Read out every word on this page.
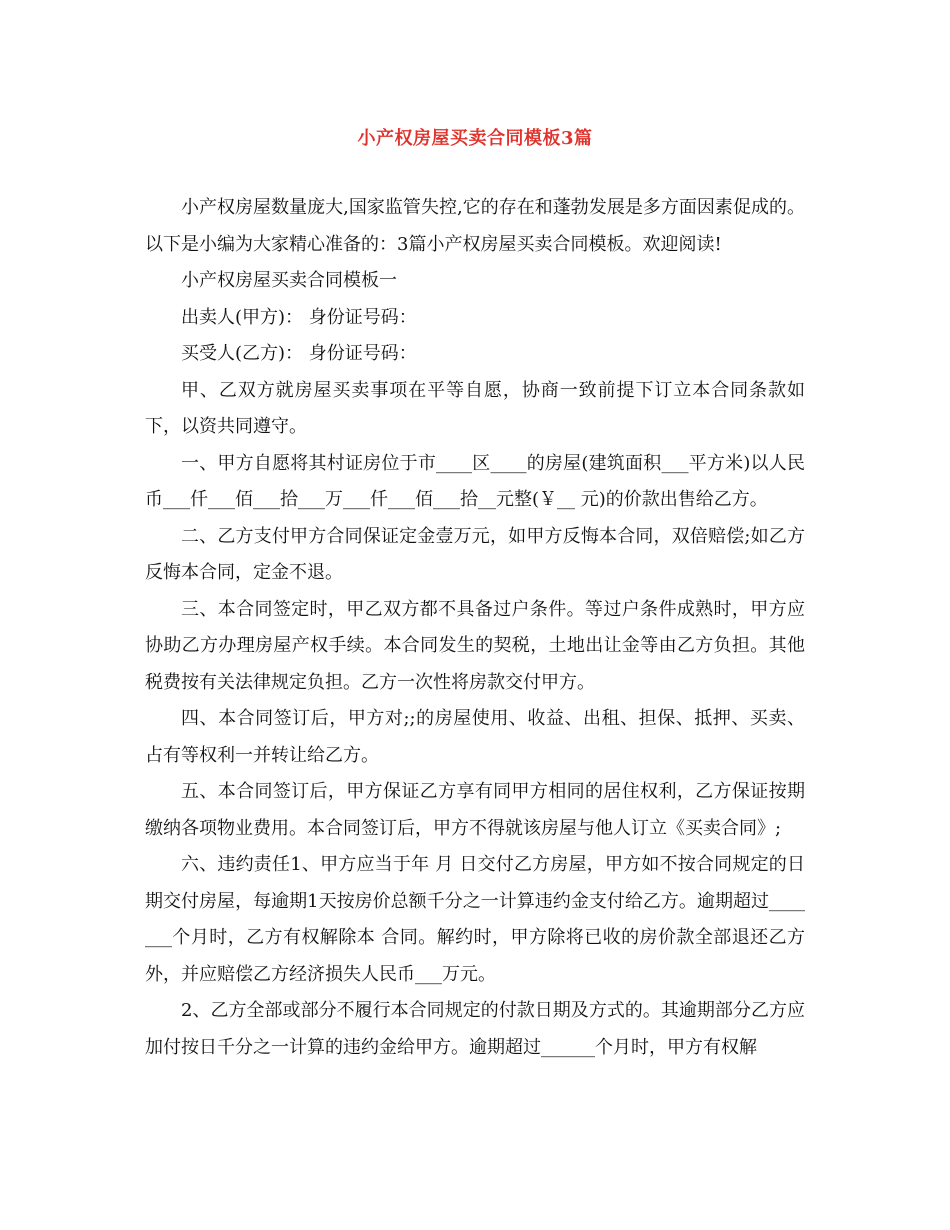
小产权房屋买卖合同模板3篇

小产权房屋数量庞大,国家监管失控,它的存在和蓬勃发展是多方面因素促成的。以下是小编为大家精心准备的：3篇小产权房屋买卖合同模板。欢迎阅读!

小产权房屋买卖合同模板一

出卖人(甲方)： 身份证号码：

买受人(乙方)： 身份证号码：

甲、乙双方就房屋买卖事项在平等自愿，协商一致前提下订立本合同条款如下，以资共同遵守。

一、甲方自愿将其村证房位于市____区____的房屋(建筑面积___平方米)以人民币___仟___佰___拾___万___仟___佰___拾__元整(￥__ 元)的价款出售给乙方。

二、乙方支付甲方合同保证定金壹万元，如甲方反悔本合同，双倍赔偿;如乙方反悔本合同，定金不退。

三、本合同签定时，甲乙双方都不具备过户条件。等过户条件成熟时，甲方应协助乙方办理房屋产权手续。本合同发生的契税，土地出让金等由乙方负担。其他税费按有关法律规定负担。乙方一次性将房款交付甲方。

四、本合同签订后，甲方对;;的房屋使用、收益、出租、担保、抵押、买卖、占有等权利一并转让给乙方。

五、本合同签订后，甲方保证乙方享有同甲方相同的居住权利，乙方保证按期缴纳各项物业费用。本合同签订后，甲方不得就该房屋与他人订立《买卖合同》;

六、违约责任1、甲方应当于年 月 日交付乙方房屋，甲方如不按合同规定的日期交付房屋，每逾期1天按房价总额千分之一计算违约金支付给乙方。逾期超过_______个月时，乙方有权解除本 合同。解约时，甲方除将已收的房价款全部退还乙方外，并应赔偿乙方经济损失人民币___万元。

2、乙方全部或部分不履行本合同规定的付款日期及方式的。其逾期部分乙方应加付按日千分之一计算的违约金给甲方。逾期超过______个月时，甲方有权解
